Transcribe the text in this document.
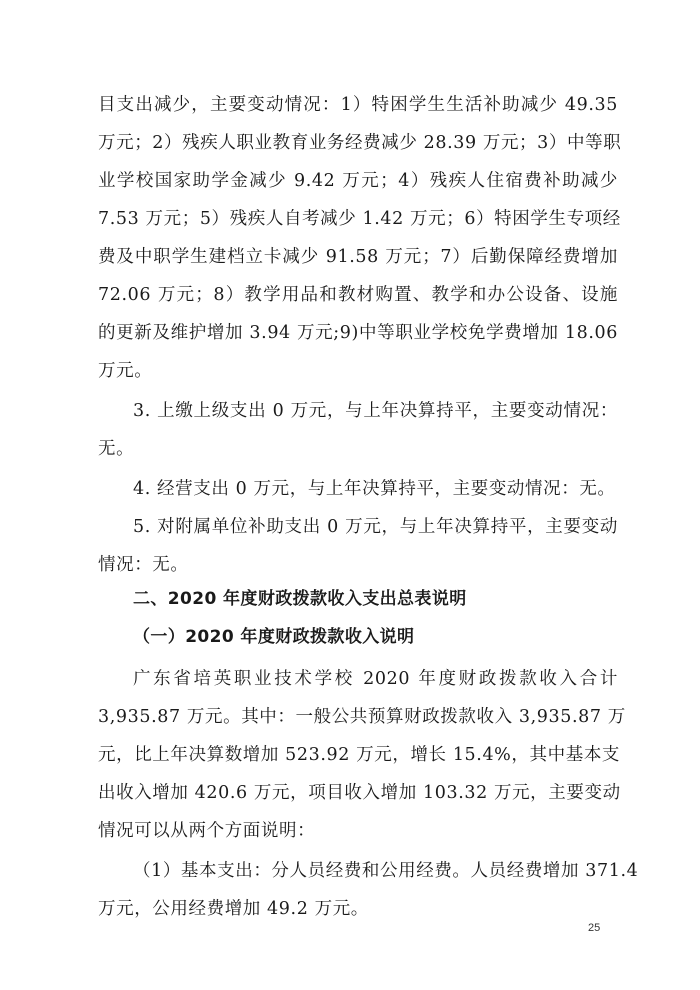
目支出减少，主要变动情况：1）特困学生生活补助减少 49.35
万元；2）残疾人职业教育业务经费减少 28.39 万元；3）中等职
业学校国家助学金减少 9.42 万元；4）残疾人住宿费补助减少
7.53 万元；5）残疾人自考减少 1.42 万元；6）特困学生专项经
费及中职学生建档立卡减少 91.58 万元；7）后勤保障经费增加
72.06 万元；8）教学用品和教材购置、教学和办公设备、设施
的更新及维护增加 3.94 万元;9)中等职业学校免学费增加 18.06
万元。
3. 上缴上级支出 0 万元，与上年决算持平，主要变动情况：
无。
4. 经营支出 0 万元，与上年决算持平，主要变动情况：无。
5. 对附属单位补助支出 0 万元，与上年决算持平，主要变动
情况：无。
二、2020 年度财政拨款收入支出总表说明
（一）2020 年度财政拨款收入说明
广东省培英职业技术学校 2020 年度财政拨款收入合计
3,935.87 万元。其中：一般公共预算财政拨款收入 3,935.87 万
元，比上年决算数增加 523.92 万元，增长 15.4%，其中基本支
出收入增加 420.6 万元，项目收入增加 103.32 万元，主要变动
情况可以从两个方面说明：
（1）基本支出：分人员经费和公用经费。人员经费增加 371.4
万元，公用经费增加 49.2 万元。
25
